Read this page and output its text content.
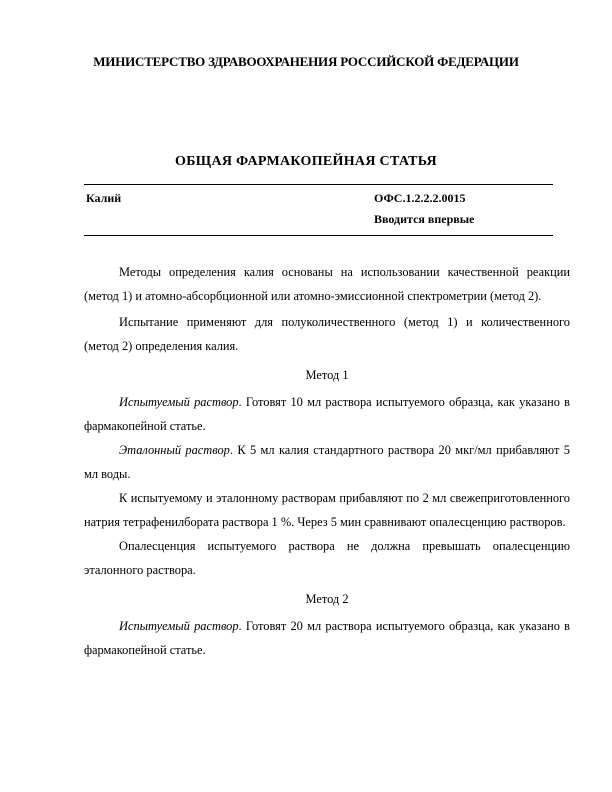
МИНИСТЕРСТВО ЗДРАВООХРАНЕНИЯ РОССИЙСКОЙ ФЕДЕРАЦИИ
ОБЩАЯ ФАРМАКОПЕЙНАЯ СТАТЬЯ
Калий	ОФС.1.2.2.2.0015
Вводится впервые

Методы определения калия основаны на использовании качественной реакции (метод 1) и атомно-абсорбционной или атомно-эмиссионной спектрометрии (метод 2).

Испытание применяют для полуколичественного (метод 1) и количественного (метод 2) определения калия.

Метод 1

Испытуемый раствор. Готовят 10 мл раствора испытуемого образца, как указано в фармакопейной статье.

Эталонный раствор. К 5 мл калия стандартного раствора 20 мкг/мл прибавляют 5 мл воды.

К испытуемому и эталонному растворам прибавляют по 2 мл свежеприготовленного натрия тетрафенилбората раствора 1 %. Через 5 мин сравнивают опалесценцию растворов.

Опалесценция испытуемого раствора не должна превышать опалесценцию эталонного раствора.

Метод 2

Испытуемый раствор. Готовят 20 мл раствора испытуемого образца, как указано в фармакопейной статье.
